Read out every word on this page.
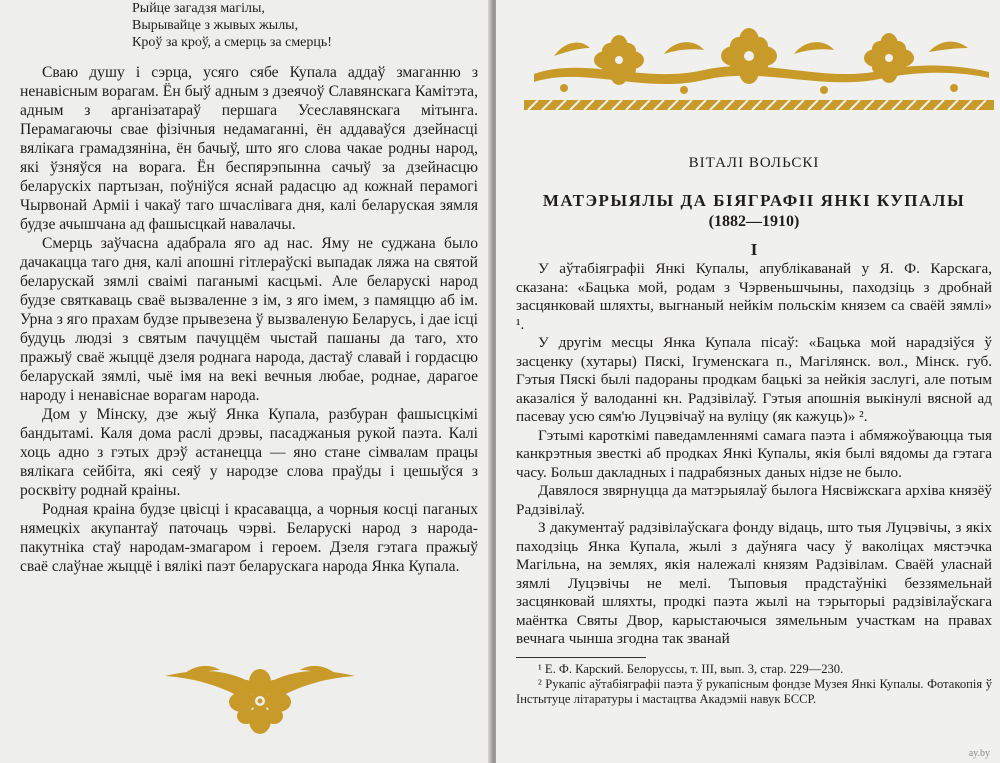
Рыйце загадзя магілы,
Вырывайце з жывых жылы,
Кроў за кроў, а смерць за смерць!

Сваю душу і сэрца, усяго сябе Купала аддаў змаганню з ненавісным ворагам. Ён быў адным з дзеячоў Славянскага Камітэта, адным з арганізатараў першага Усеславянскага мітынга. Перамагаючы свае фізічныя недамаганні, ён аддаваўся дзейнасці вялікага грамадзяніна, ён бачыў, што яго слова чакае родны народ, які ўзняўся на ворага. Ён беспярэпынна сачыў за дзейнасцю беларускіх партызан, поўніўся яснай радасцю ад кожнай перамогі Чырвонай Арміі і чакаў таго шчаслівага дня, калі беларуская зямля будзе ачышчана ад фашысцкай навалачы.

Смерць заўчасна адабрала яго ад нас. Яму не суджана было дачакацца таго дня, калі апошні гітлераўскі выпадак ляжа на святой беларускай зямлі сваімі паганымі касцьмі. Але беларускі народ будзе святкаваць сваё вызваленне з ім, з яго імем, з памяццю аб ім. Урна з яго прахам будзе прывезена ў вызваленую Беларусь, і дае ісці будуць людзі з святым пачуццём чыстай пашаны да таго, хто пражыў сваё жыццё дзеля роднага народа, дастаў славай і гордасцю беларускай зямлі, чыё імя на векі вечныя любае, роднае, дарагое народу і ненавіснае ворагам народа.

Дом у Мінску, дзе жыў Янка Купала, разбуран фашысцкімі бандытамі. Каля дома раслі дрэвы, пасаджаныя рукой паэта. Калі хоць адно з гэтых дрэў астанецца — яно стане сімвалам працы вялікага сейбіта, які сеяў у народзе слова праўды і цешыўся з росквіту роднай краіны.

Родная краіна будзе цвісці і красавацца, а чорныя косці паганых нямецкіх акупантаў паточаць чэрві. Беларускі народ з народа-пакутніка стаў народам-змагаром і героем. Дзеля гэтага пражыў сваё слаўнае жыццё і вялікі паэт беларускага народа Янка Купала.

ВІТАЛІ ВОЛЬСКІ
МАТЭРЫЯЛЫ ДА БІЯГРАФІІ ЯНКІ КУПАЛЫ
(1882—1910)
I

У аўтабіяграфіі Янкі Купалы, апублікаванай у Я. Ф. Карскага, сказана: «Бацька мой, родам з Чэрвеньшчыны, паходзіць з дробнай засцянковай шляхты, выгнаный нейкім польскім князем са сваёй зямлі» ¹.

У другім месцы Янка Купала пісаў: «Бацька мой нарадзіўся ў засценку (хутары) Пяскі, Ігуменскага п., Магілянск. вол., Мінск. губ. Гэтыя Пяскі былі падораны продкам бацькі за нейкія заслугі, але потым аказаліся ў валоданні кн. Радзівілаў. Гэтыя апошнія выкінулі вясной ад пасевау усю сям'ю Луцэвічаў на вуліцу (як кажуць)» ².

Гэтымі кароткімі паведамленнямі самага паэта і абмяжоўваюцца тыя канкрэтныя звесткі аб продках Янкі Купалы, якія былі вядомы да гэтага часу. Больш дакладных і падрабязных даных нідзе не было.

Давялося звярнуцца да матэрыялаў былога Нясвіжскага архіва князёў Радзівілаў.

З дакументаў радзівілаўскага фонду відаць, што тыя Луцэвічы, з якіх паходзіць Янка Купала, жылі з даўняга часу ў ваколіцах мястэчка Магільна, на землях, якія належалі князям Радзівілам. Сваёй уласнай зямлі Луцэвічы не мелі. Тыповыя прадстаўнікі беззямельнай засцянковай шляхты, продкі паэта жылі на тэрыторыі радзівілаўскага маёнтка Святы Двор, карыстаючыся зямельным участкам на правах вечнага чынша згодна так званай

¹ Е. Ф. Карский. Белоруссы, т. III, вып. 3, стар. 229—230.

² Рукапіс аўтабіяграфіі паэта ў рукапісным фондзе Музея Янкі Купалы. Фотакопія ў Інстытуце літаратуры і мастацтва Акадэміі навук БССР.

ay.by
